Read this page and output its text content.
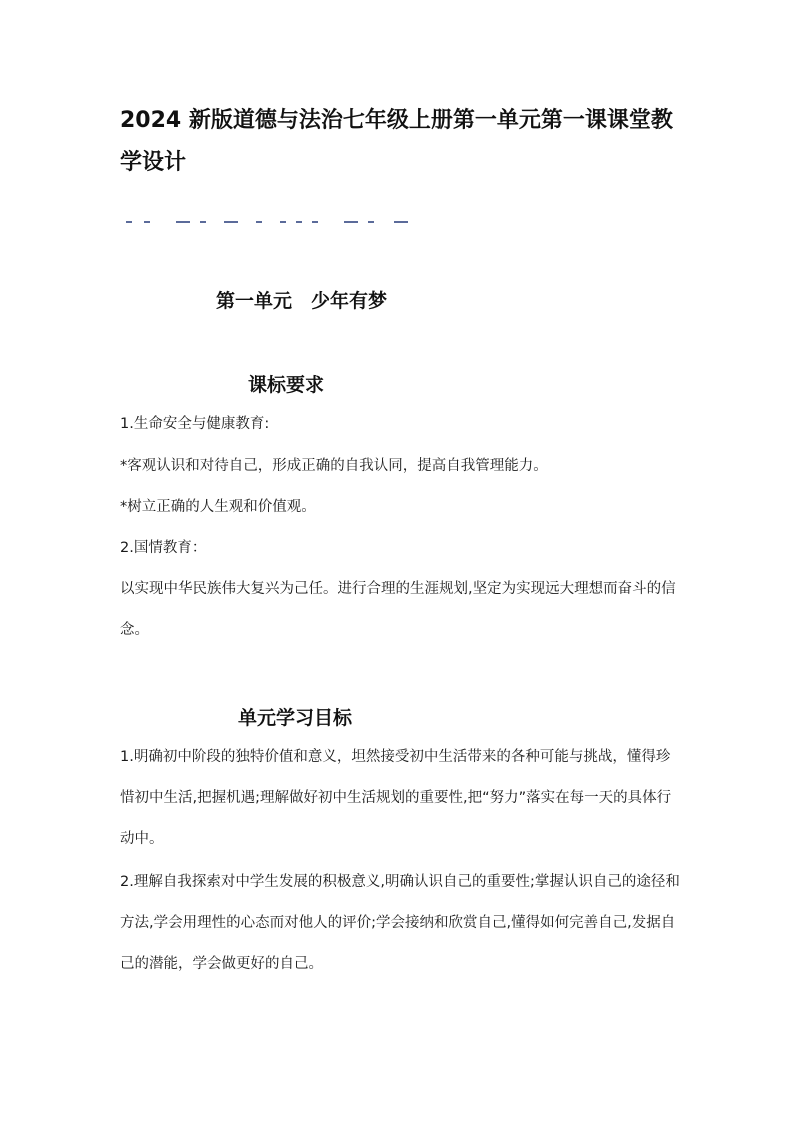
2024 新版道德与法治七年级上册第一单元第一课课堂教学设计
第一单元　少年有梦
课标要求

1.生命安全与健康教育:

*客观认识和对待自己，形成正确的自我认同，提高自我管理能力。

*树立正确的人生观和价值观。

2.国情教育：

以实现中华民族伟大复兴为己任。进行合理的生涯规划,坚定为实现远大理想而奋斗的信念。

单元学习目标

1.明确初中阶段的独特价值和意义，坦然接受初中生活带来的各种可能与挑战，懂得珍惜初中生活,把握机遇;理解做好初中生活规划的重要性,把“努力”落实在每一天的具体行动中。

2.理解自我探索对中学生发展的积极意义,明确认识自己的重要性;掌握认识自己的途径和方法,学会用理性的心态而对他人的评价;学会接纳和欣赏自己,懂得如何完善自己,发据自己的潜能，学会做更好的自己。
